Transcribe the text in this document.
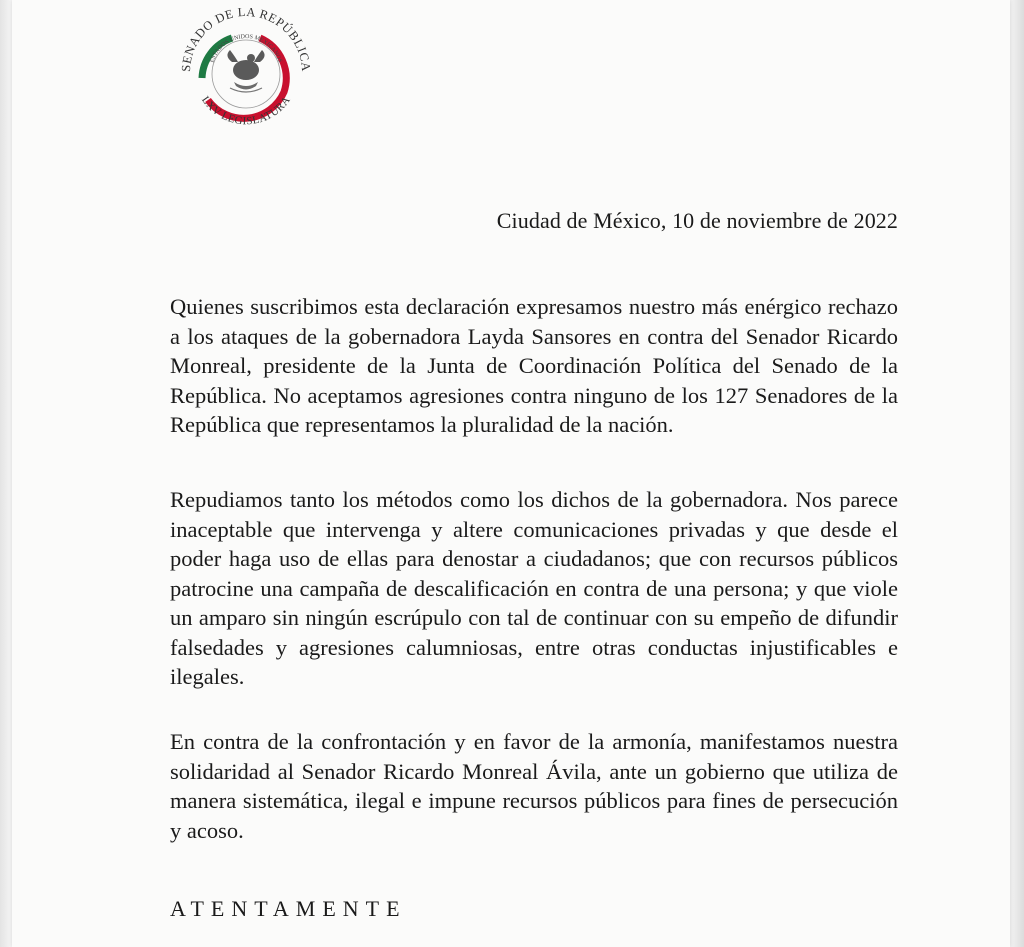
SENADO DE LA REPÚBLICA
ESTADOS UNIDOS MEXICANOS
LXV LEGISLATURA
Ciudad de México, 10 de noviembre de 2022

Quienes suscribimos esta declaración expresamos nuestro más enérgico rechazo a los ataques de la gobernadora Layda Sansores en contra del Senador Ricardo Monreal, presidente de la Junta de Coordinación Política del Senado de la República. No aceptamos agresiones contra ninguno de los 127 Senadores de la República que representamos la pluralidad de la nación.

Repudiamos tanto los métodos como los dichos de la gobernadora. Nos parece inaceptable que intervenga y altere comunicaciones privadas y que desde el poder haga uso de ellas para denostar a ciudadanos; que con recursos públicos patrocine una campaña de descalificación en contra de una persona; y que viole un amparo sin ningún escrúpulo con tal de continuar con su empeño de difundir falsedades y agresiones calumniosas, entre otras conductas injustificables e ilegales.

En contra de la confrontación y en favor de la armonía, manifestamos nuestra solidaridad al Senador Ricardo Monreal Ávila, ante un gobierno que utiliza de manera sistemática, ilegal e impune recursos públicos para fines de persecución y acoso.

ATENTAMENTE
